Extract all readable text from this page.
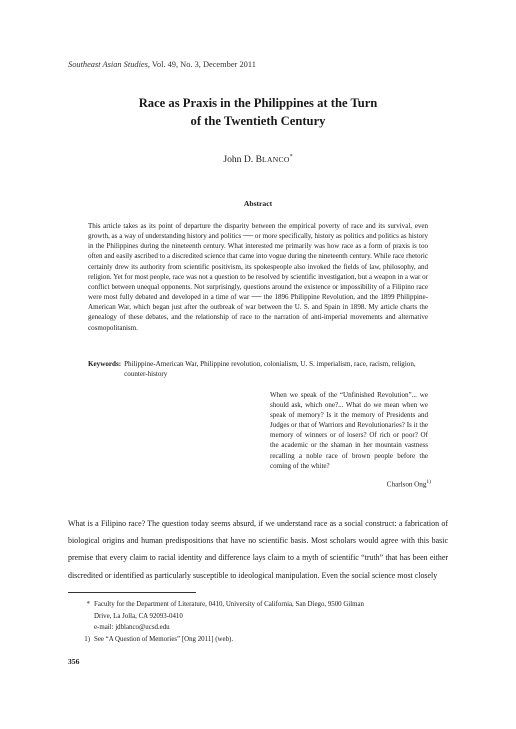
Southeast Asian Studies, Vol. 49, No. 3, December 2011
Race as Praxis in the Philippines at the Turn
of the Twentieth Century
John D. BLANCO*
Abstract

This article takes as its point of departure the disparity between the empirical poverty of race and its survival, even growth, as a way of understanding history and politics ── or more specifically, history as politics and politics as history in the Philippines during the nineteenth century. What interested me primarily was how race as a form of praxis is too often and easily ascribed to a discredited science that came into vogue during the nineteenth century. While race rhetoric certainly drew its authority from scientific positivism, its spokespeople also invoked the fields of law, philosophy, and religion. Yet for most people, race was not a question to be resolved by scientific investigation, but a weapon in a war or conflict between unequal opponents. Not surprisingly, questions around the existence or impossibility of a Filipino race were most fully debated and developed in a time of war ── the 1896 Philippine Revolution, and the 1899 Philippine-American War, which began just after the outbreak of war between the U. S. and Spain in 1898. My article charts the genealogy of these debates, and the relationship of race to the narration of anti-imperial movements and alternative cosmopolitanism.

Keywords: Philippine-American War, Philippine revolution, colonialism, U. S. imperialism, race, racism, religion, counter-history

When we speak of the “Unfinished Revolution”... we should ask, which one?... What do we mean when we speak of memory? Is it the memory of Presidents and Judges or that of Warriors and Revolutionaries? Is it the memory of winners or of losers? Of rich or poor? Of the academic or the shaman in her mountain vastness recalling a noble race of brown people before the coming of the white?

Charlson Ong$^{1)}$

What is a Filipino race? The question today seems absurd, if we understand race as a social construct: a fabrication of biological origins and human predispositions that have no scientific basis. Most scholars would agree with this basic premise that every claim to racial identity and difference lays claim to a myth of scientific “truth” that has been either discredited or identified as particularly susceptible to ideological manipulation. Even the social science most closely

* Faculty for the Department of Literature, 0410, University of California, San Diego, 9500 Gilman
Drive, La Jolla, CA 92093-0410
e-mail: jdblanco@ucsd.edu
1) See “A Question of Memories” [Ong 2011] (web).
356
